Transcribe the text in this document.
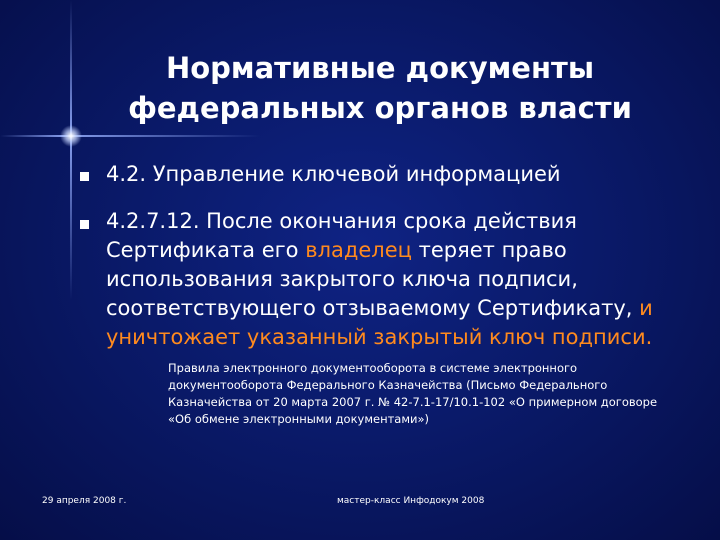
Нормативные документы
федеральных органов власти
4.2. Управление ключевой информацией
4.2.7.12. После окончания срока действия
Сертификата его владелец теряет право
использования закрытого ключа подписи,
соответствующего отзываемому Сертификату, и
уничтожает указанный закрытый ключ подписи.
Правила электронного документооборота в системе электронного
документооборота Федерального Казначейства (Письмо Федерального
Казначейства от 20 марта 2007 г. № 42-7.1-17/10.1-102 «О примерном договоре
«Об обмене электронными документами»)
29 апреля 2008 г.	мастер-класс Инфодокум 2008
